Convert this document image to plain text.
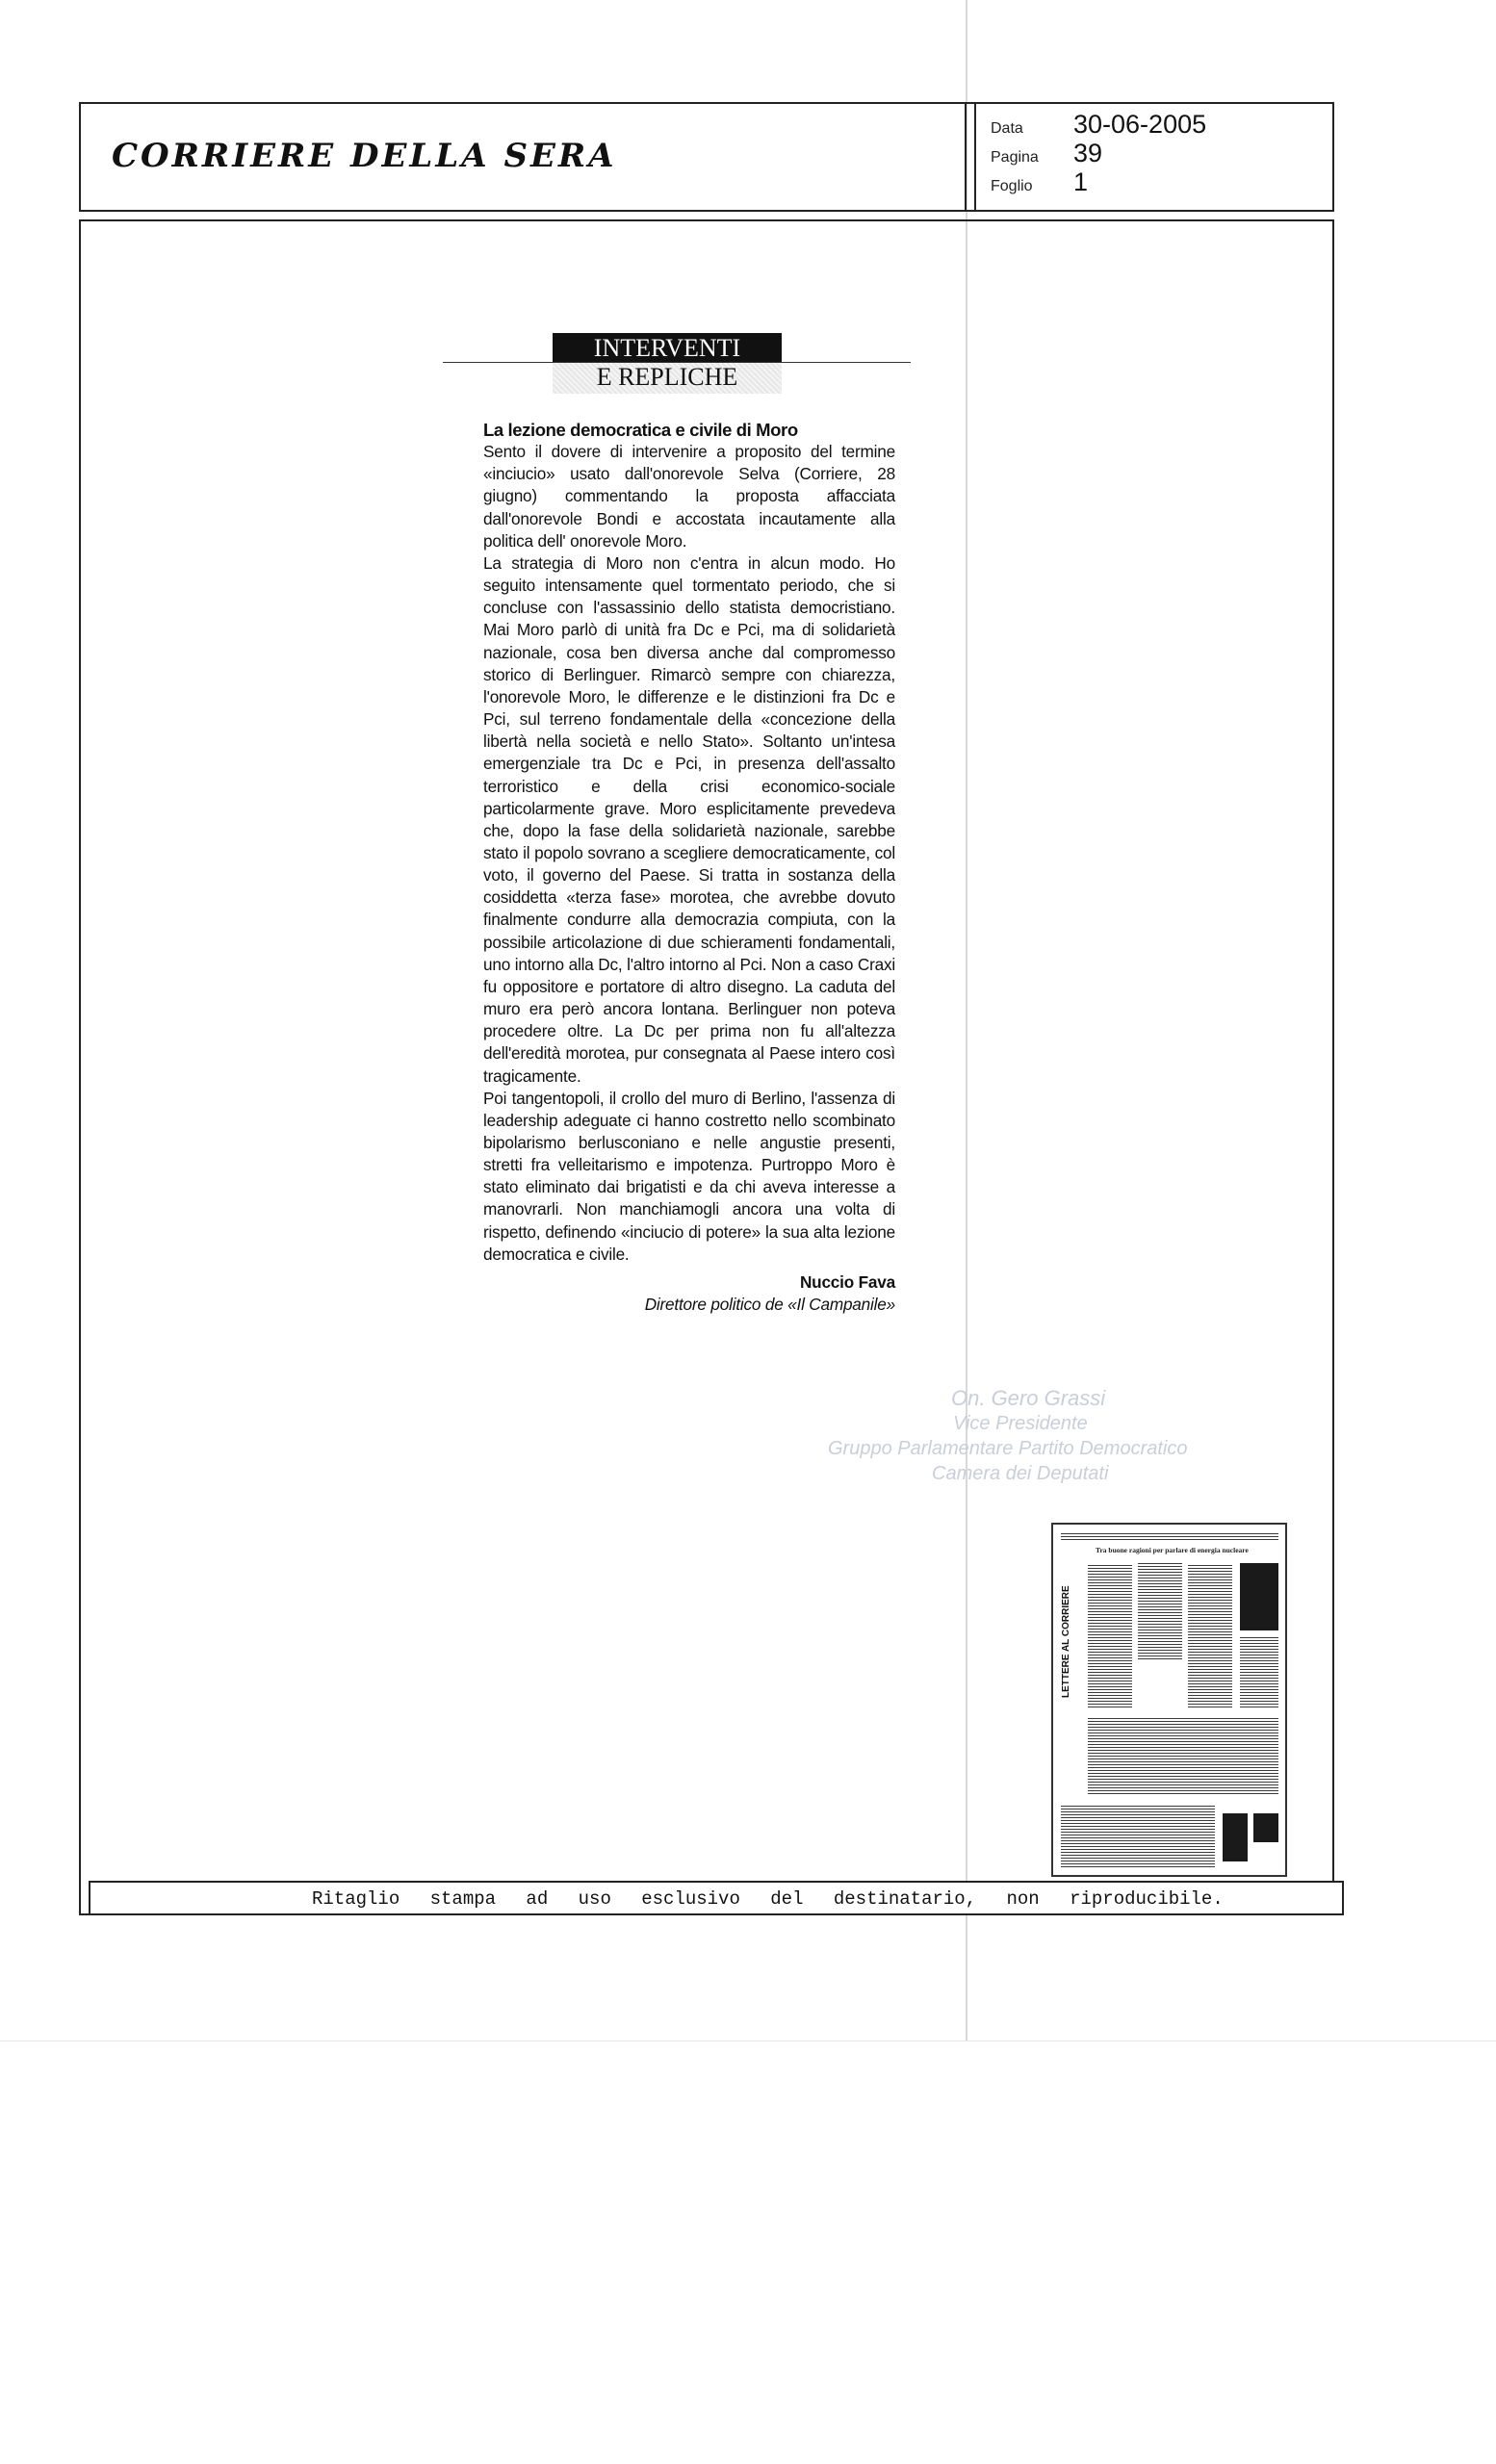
CORRIERE DELLA SERA
Data	30-06-2005
Pagina	39
Foglio	1
INTERVENTI
E REPLICHE
La lezione democratica e civile di Moro

Sento il dovere di intervenire a proposito del termine «inciucio» usato dall'onorevole Selva (Corriere, 28 giugno) commentando la proposta affacciata dall'onorevole Bondi e accostata incautamente alla politica dell' onorevole Moro.

La strategia di Moro non c'entra in alcun modo. Ho seguito intensamente quel tormentato periodo, che si concluse con l'assassinio dello statista democristiano. Mai Moro parlò di unità fra Dc e Pci, ma di solidarietà nazionale, cosa ben diversa anche dal compromesso storico di Berlinguer. Rimarcò sempre con chiarezza, l'onorevole Moro, le differenze e le distinzioni fra Dc e Pci, sul terreno fondamentale della «concezione della libertà nella società e nello Stato». Soltanto un'intesa emergenziale tra Dc e Pci, in presenza dell'assalto terroristico e della crisi economico-sociale particolarmente grave. Moro esplicitamente prevedeva che, dopo la fase della solidarietà nazionale, sarebbe stato il popolo sovrano a scegliere democraticamente, col voto, il governo del Paese. Si tratta in sostanza della cosiddetta «terza fase» morotea, che avrebbe dovuto finalmente condurre alla democrazia compiuta, con la possibile articolazione di due schieramenti fondamentali, uno intorno alla Dc, l'altro intorno al Pci. Non a caso Craxi fu oppositore e portatore di altro disegno. La caduta del muro era però ancora lontana. Berlinguer non poteva procedere oltre. La Dc per prima non fu all'altezza dell'eredità morotea, pur consegnata al Paese intero così tragicamente.

Poi tangentopoli, il crollo del muro di Berlino, l'assenza di leadership adeguate ci hanno costretto nello scombinato bipolarismo berlusconiano e nelle angustie presenti, stretti fra velleitarismo e impotenza. Purtroppo Moro è stato eliminato dai brigatisti e da chi aveva interesse a manovrarli. Non manchiamogli ancora una volta di rispetto, definendo «inciucio di potere» la sua alta lezione democratica e civile.

Nuccio Fava
Direttore politico de «Il Campanile»
On. Gero Grassi
Vice Presidente
Gruppo Parlamentare Partito Democratico
Camera dei Deputati
Tra buone ragioni per parlare di energia nucleare
LETTERE AL CORRIERE
Ritaglio stampa ad uso esclusivo del destinatario, non riproducibile.
